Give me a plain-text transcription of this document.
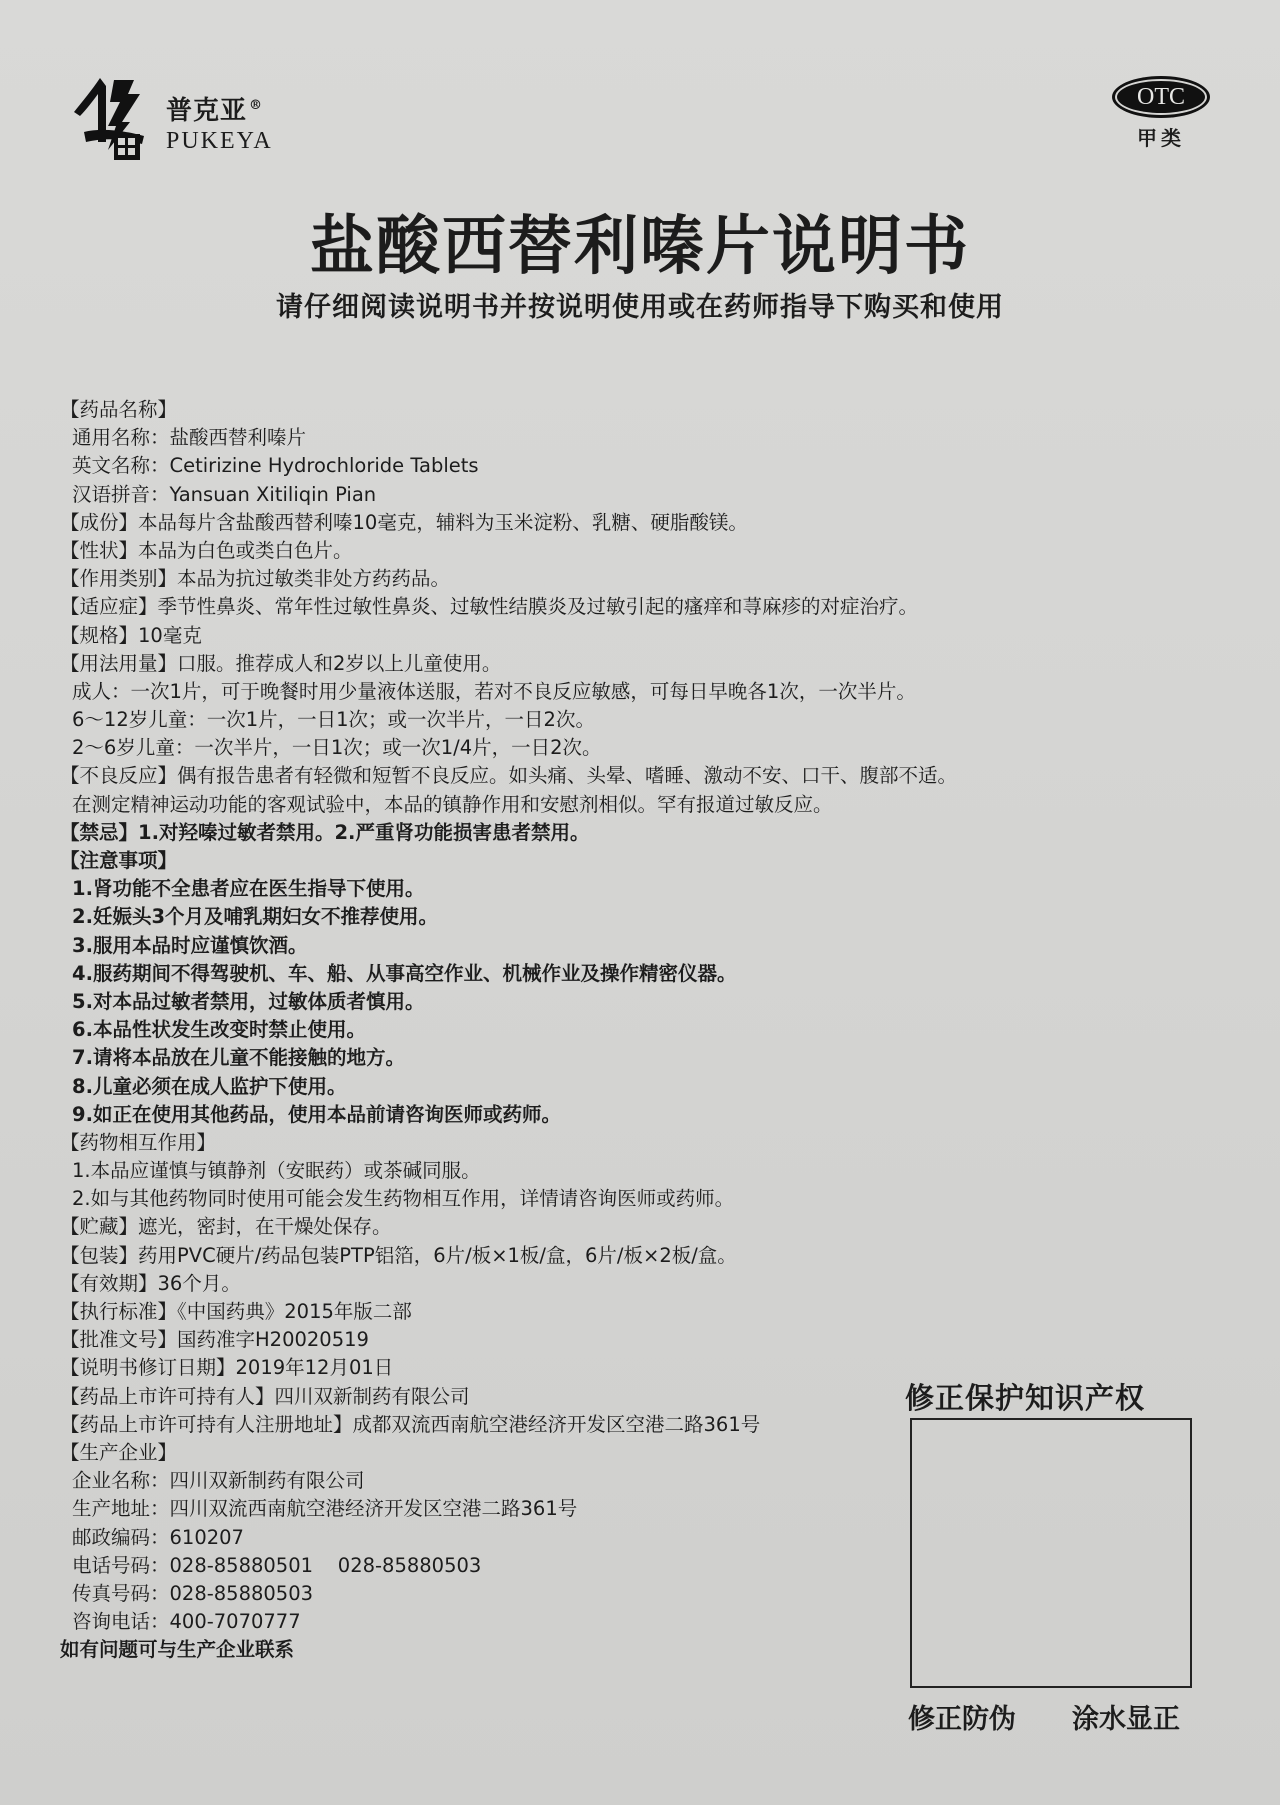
普克亚 ®
PUKEYA
OTC
甲类
盐酸西替利嗪片说明书
请仔细阅读说明书并按说明使用或在药师指导下购买和使用
【药品名称】
通用名称：盐酸西替利嗪片
英文名称：Cetirizine Hydrochloride Tablets
汉语拼音：Yansuan Xitiliqin Pian
【成份】本品每片含盐酸西替利嗪10毫克，辅料为玉米淀粉、乳糖、硬脂酸镁。
【性状】本品为白色或类白色片。
【作用类别】本品为抗过敏类非处方药药品。
【适应症】季节性鼻炎、常年性过敏性鼻炎、过敏性结膜炎及过敏引起的瘙痒和荨麻疹的对症治疗。
【规格】10毫克
【用法用量】口服。推荐成人和2岁以上儿童使用。
成人：一次1片，可于晚餐时用少量液体送服，若对不良反应敏感，可每日早晚各1次，一次半片。
6～12岁儿童：一次1片，一日1次；或一次半片，一日2次。
2～6岁儿童：一次半片，一日1次；或一次1/4片，一日2次。
【不良反应】偶有报告患者有轻微和短暂不良反应。如头痛、头晕、嗜睡、激动不安、口干、腹部不适。
在测定精神运动功能的客观试验中，本品的镇静作用和安慰剂相似。罕有报道过敏反应。
【禁忌】1.对羟嗪过敏者禁用。2.严重肾功能损害患者禁用。
【注意事项】
1.肾功能不全患者应在医生指导下使用。
2.妊娠头3个月及哺乳期妇女不推荐使用。
3.服用本品时应谨慎饮酒。
4.服药期间不得驾驶机、车、船、从事高空作业、机械作业及操作精密仪器。
5.对本品过敏者禁用，过敏体质者慎用。
6.本品性状发生改变时禁止使用。
7.请将本品放在儿童不能接触的地方。
8.儿童必须在成人监护下使用。
9.如正在使用其他药品，使用本品前请咨询医师或药师。
【药物相互作用】
1.本品应谨慎与镇静剂（安眠药）或茶碱同服。
2.如与其他药物同时使用可能会发生药物相互作用，详情请咨询医师或药师。
【贮藏】遮光，密封，在干燥处保存。
【包装】药用PVC硬片/药品包装PTP铝箔，6片/板×1板/盒，6片/板×2板/盒。
【有效期】36个月。
【执行标准】《中国药典》2015年版二部
【批准文号】国药准字H20020519
【说明书修订日期】2019年12月01日
【药品上市许可持有人】四川双新制药有限公司
【药品上市许可持有人注册地址】成都双流西南航空港经济开发区空港二路361号
【生产企业】
企业名称：四川双新制药有限公司
生产地址：四川双流西南航空港经济开发区空港二路361号
邮政编码：610207
电话号码：028-85880501    028-85880503
传真号码：028-85880503
咨询电话：400-7070777
如有问题可与生产企业联系
修正保护知识产权
修正防伪 涂水显正
